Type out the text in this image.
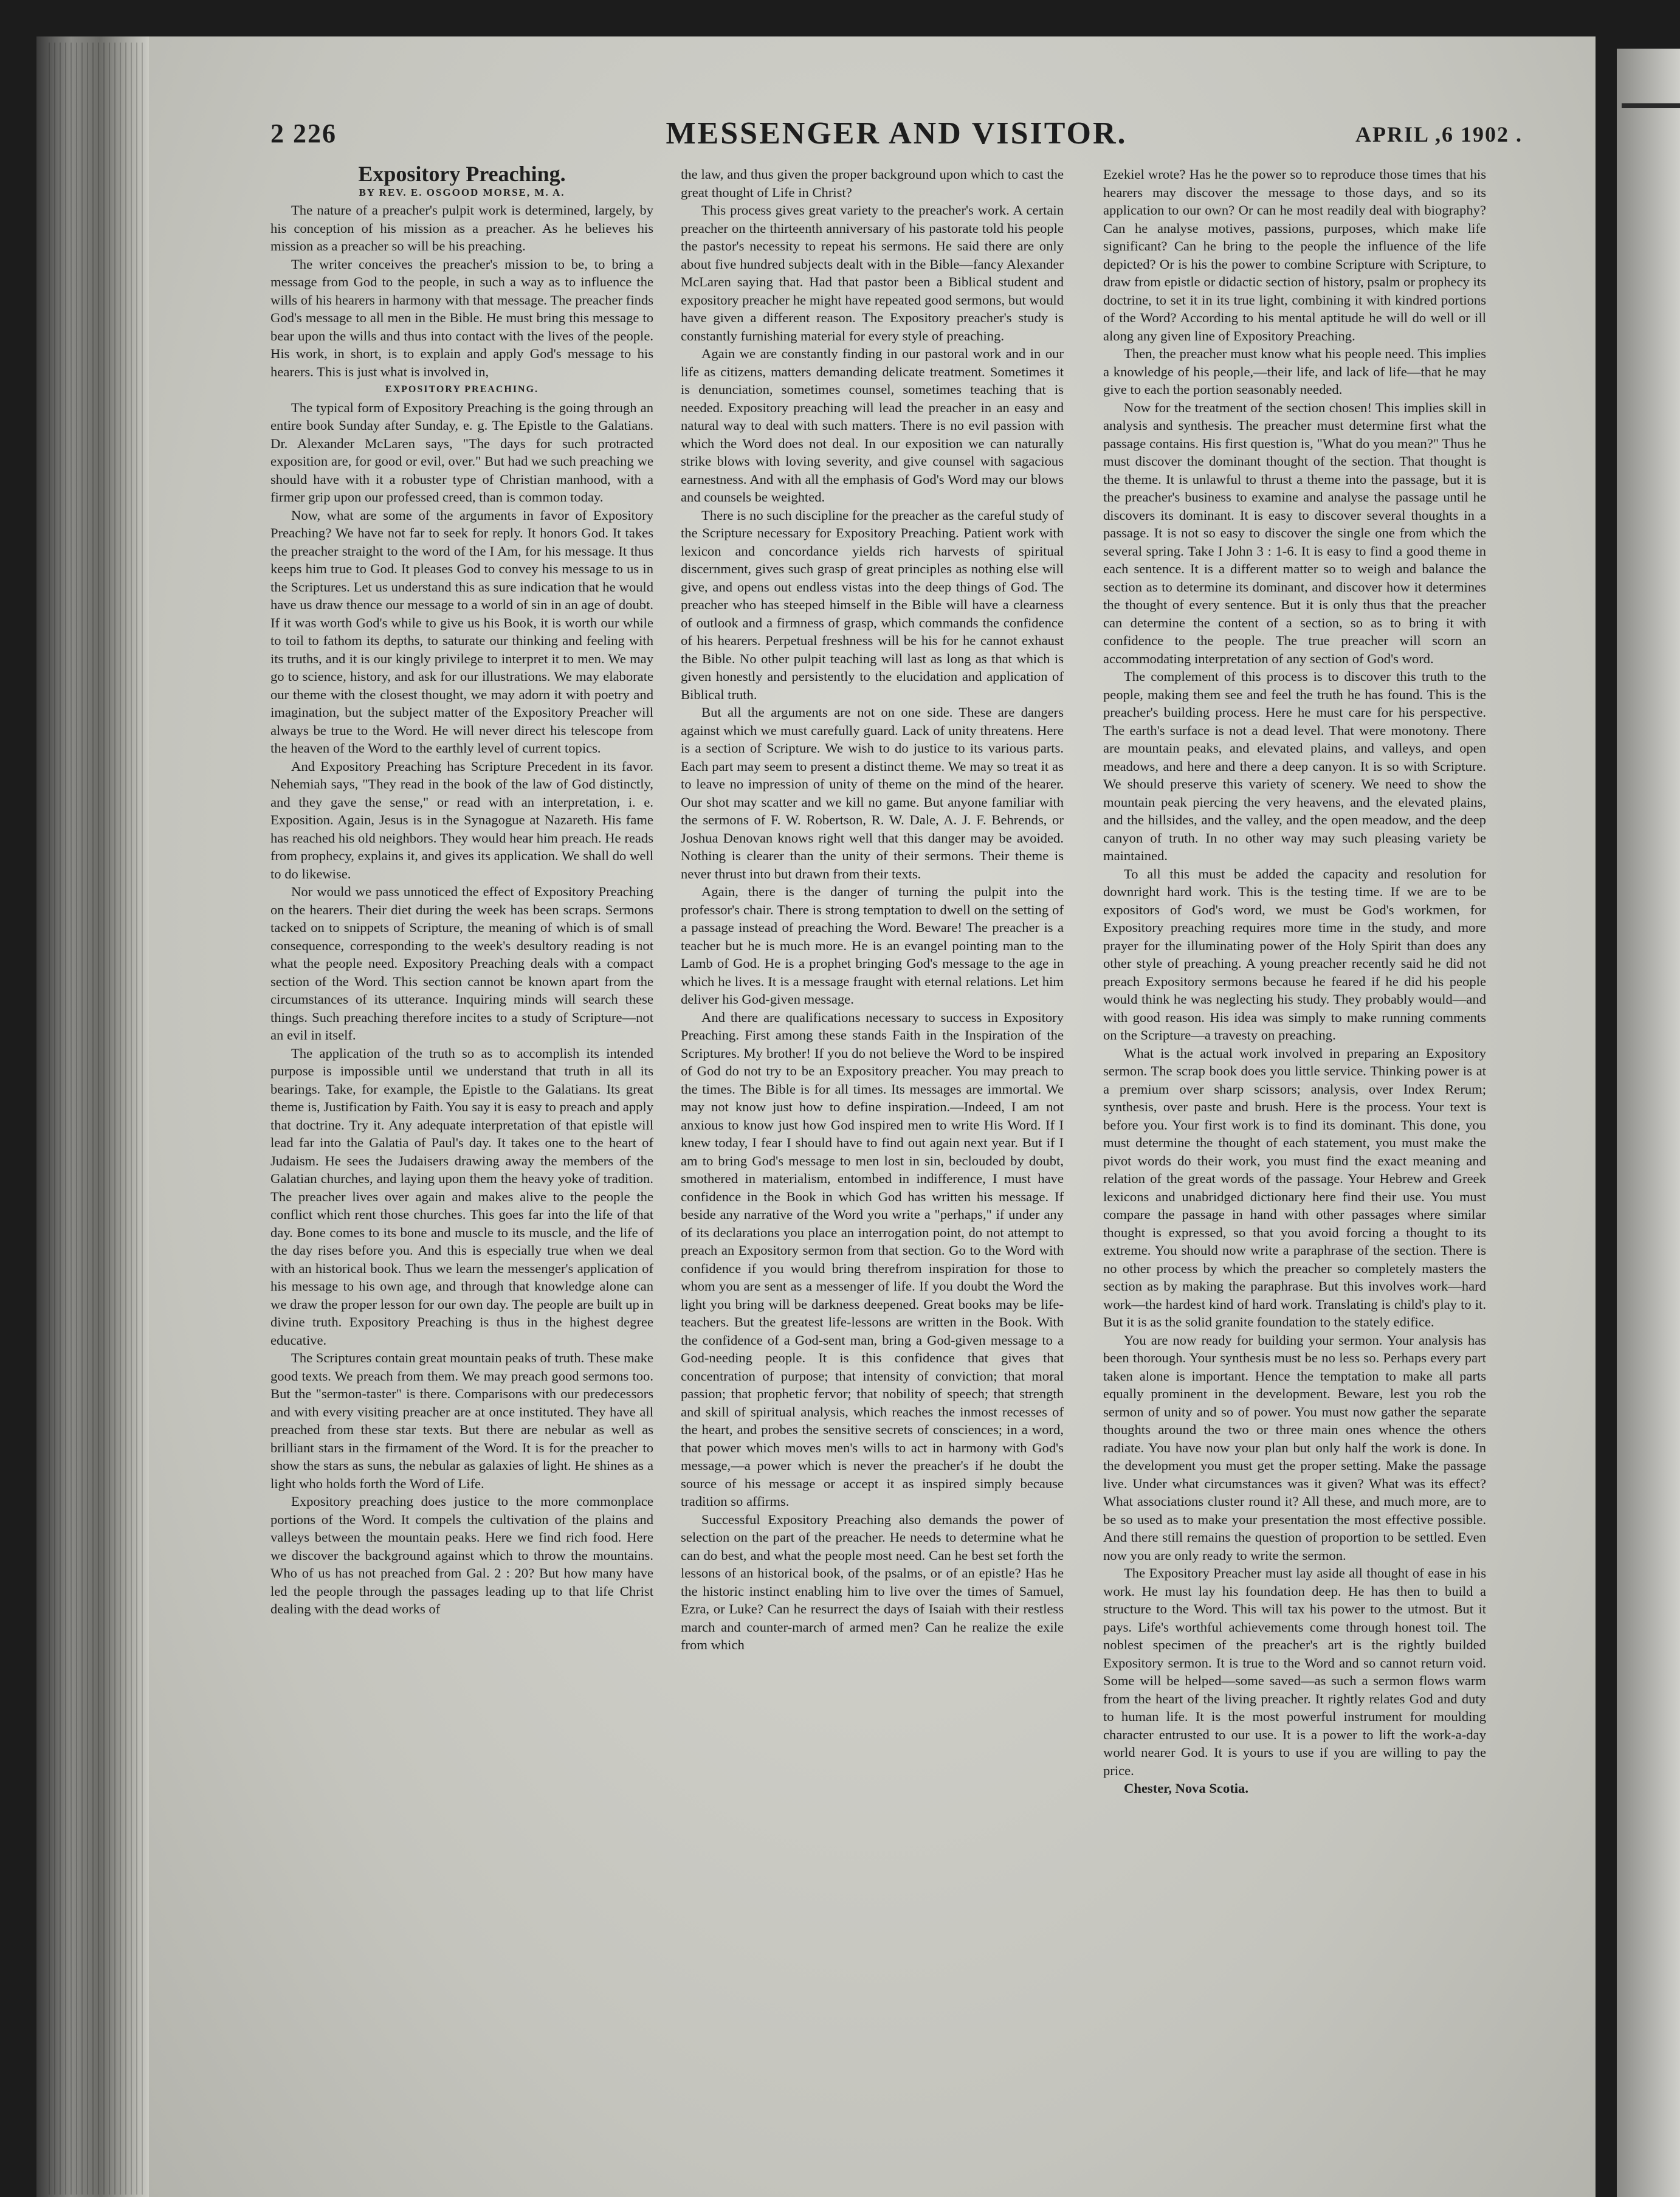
MESSENGER AND VISITOR.
2 226	APRIL ,6 1902 .

Expository Preaching.

BY REV. E. OSGOOD MORSE, M. A.

The nature of a preacher's pulpit work is determined, largely, by his conception of his mission as a preacher. As he believes his mission as a preacher so will be his preaching.

The writer conceives the preacher's mission to be, to bring a message from God to the people, in such a way as to influence the wills of his hearers in harmony with that message. The preacher finds God's message to all men in the Bible. He must bring this message to bear upon the wills and thus into contact with the lives of the people. His work, in short, is to explain and apply God's message to his hearers. This is just what is involved in,

EXPOSITORY PREACHING.

The typical form of Expository Preaching is the going through an entire book Sunday after Sunday, e. g. The Epistle to the Galatians. Dr. Alexander McLaren says, "The days for such protracted exposition are, for good or evil, over." But had we such preaching we should have with it a robuster type of Christian manhood, with a firmer grip upon our professed creed, than is common today.

Now, what are some of the arguments in favor of Expository Preaching? We have not far to seek for reply. It honors God. It takes the preacher straight to the word of the I Am, for his message. It thus keeps him true to God. It pleases God to convey his message to us in the Scriptures. Let us understand this as sure indication that he would have us draw thence our message to a world of sin in an age of doubt. If it was worth God's while to give us his Book, it is worth our while to toil to fathom its depths, to saturate our thinking and feeling with its truths, and it is our kingly privilege to interpret it to men. We may go to science, history, and ask for our illustrations. We may elaborate our theme with the closest thought, we may adorn it with poetry and imagination, but the subject matter of the Expository Preacher will always be true to the Word. He will never direct his telescope from the heaven of the Word to the earthly level of current topics.

And Expository Preaching has Scripture Precedent in its favor. Nehemiah says, "They read in the book of the law of God distinctly, and they gave the sense," or read with an interpretation, i. e. Exposition. Again, Jesus is in the Synagogue at Nazareth. His fame has reached his old neighbors. They would hear him preach. He reads from prophecy, explains it, and gives its application. We shall do well to do likewise.

Nor would we pass unnoticed the effect of Expository Preaching on the hearers. Their diet during the week has been scraps. Sermons tacked on to snippets of Scripture, the meaning of which is of small consequence, corresponding to the week's desultory reading is not what the people need. Expository Preaching deals with a compact section of the Word. This section cannot be known apart from the circumstances of its utterance. Inquiring minds will search these things. Such preaching therefore incites to a study of Scripture—not an evil in itself.

The application of the truth so as to accomplish its intended purpose is impossible until we understand that truth in all its bearings. Take, for example, the Epistle to the Galatians. Its great theme is, Justification by Faith. You say it is easy to preach and apply that doctrine. Try it. Any adequate interpretation of that epistle will lead far into the Galatia of Paul's day. It takes one to the heart of Judaism. He sees the Judaisers drawing away the members of the Galatian churches, and laying upon them the heavy yoke of tradition. The preacher lives over again and makes alive to the people the conflict which rent those churches. This goes far into the life of that day. Bone comes to its bone and muscle to its muscle, and the life of the day rises before you. And this is especially true when we deal with an historical book. Thus we learn the messenger's application of his message to his own age, and through that knowledge alone can we draw the proper lesson for our own day. The people are built up in divine truth. Expository Preaching is thus in the highest degree educative.

The Scriptures contain great mountain peaks of truth. These make good texts. We preach from them. We may preach good sermons too. But the "sermon-taster" is there. Comparisons with our predecessors and with every visiting preacher are at once instituted. They have all preached from these star texts. But there are nebular as well as brilliant stars in the firmament of the Word. It is for the preacher to show the stars as suns, the nebular as galaxies of light. He shines as a light who holds forth the Word of Life.

Expository preaching does justice to the more commonplace portions of the Word. It compels the cultivation of the plains and valleys between the mountain peaks. Here we find rich food. Here we discover the background against which to throw the mountains. Who of us has not preached from Gal. 2 : 20? But how many have led the people through the passages leading up to that life Christ dealing with the dead works of

the law, and thus given the proper background upon which to cast the great thought of Life in Christ?

This process gives great variety to the preacher's work. A certain preacher on the thirteenth anniversary of his pastorate told his people the pastor's necessity to repeat his sermons. He said there are only about five hundred subjects dealt with in the Bible—fancy Alexander McLaren saying that. Had that pastor been a Biblical student and expository preacher he might have repeated good sermons, but would have given a different reason. The Expository preacher's study is constantly furnishing material for every style of preaching.

Again we are constantly finding in our pastoral work and in our life as citizens, matters demanding delicate treatment. Sometimes it is denunciation, sometimes counsel, sometimes teaching that is needed. Expository preaching will lead the preacher in an easy and natural way to deal with such matters. There is no evil passion with which the Word does not deal. In our exposition we can naturally strike blows with loving severity, and give counsel with sagacious earnestness. And with all the emphasis of God's Word may our blows and counsels be weighted.

There is no such discipline for the preacher as the careful study of the Scripture necessary for Expository Preaching. Patient work with lexicon and concordance yields rich harvests of spiritual discernment, gives such grasp of great principles as nothing else will give, and opens out endless vistas into the deep things of God. The preacher who has steeped himself in the Bible will have a clearness of outlook and a firmness of grasp, which commands the confidence of his hearers. Perpetual freshness will be his for he cannot exhaust the Bible. No other pulpit teaching will last as long as that which is given honestly and persistently to the elucidation and application of Biblical truth.

But all the arguments are not on one side. These are dangers against which we must carefully guard. Lack of unity threatens. Here is a section of Scripture. We wish to do justice to its various parts. Each part may seem to present a distinct theme. We may so treat it as to leave no impression of unity of theme on the mind of the hearer. Our shot may scatter and we kill no game. But anyone familiar with the sermons of F. W. Robertson, R. W. Dale, A. J. F. Behrends, or Joshua Denovan knows right well that this danger may be avoided. Nothing is clearer than the unity of their sermons. Their theme is never thrust into but drawn from their texts.

Again, there is the danger of turning the pulpit into the professor's chair. There is strong temptation to dwell on the setting of a passage instead of preaching the Word. Beware! The preacher is a teacher but he is much more. He is an evangel pointing man to the Lamb of God. He is a prophet bringing God's message to the age in which he lives. It is a message fraught with eternal relations. Let him deliver his God-given message.

And there are qualifications necessary to success in Expository Preaching. First among these stands Faith in the Inspiration of the Scriptures. My brother! If you do not believe the Word to be inspired of God do not try to be an Expository preacher. You may preach to the times. The Bible is for all times. Its messages are immortal. We may not know just how to define inspiration.—Indeed, I am not anxious to know just how God inspired men to write His Word. If I knew today, I fear I should have to find out again next year. But if I am to bring God's message to men lost in sin, beclouded by doubt, smothered in materialism, entombed in indifference, I must have confidence in the Book in which God has written his message. If beside any narrative of the Word you write a "perhaps," if under any of its declarations you place an interrogation point, do not attempt to preach an Expository sermon from that section. Go to the Word with confidence if you would bring therefrom inspiration for those to whom you are sent as a messenger of life. If you doubt the Word the light you bring will be darkness deepened. Great books may be life-teachers. But the greatest life-lessons are written in the Book. With the confidence of a God-sent man, bring a God-given message to a God-needing people. It is this confidence that gives that concentration of purpose; that intensity of conviction; that moral passion; that prophetic fervor; that nobility of speech; that strength and skill of spiritual analysis, which reaches the inmost recesses of the heart, and probes the sensitive secrets of consciences; in a word, that power which moves men's wills to act in harmony with God's message,—a power which is never the preacher's if he doubt the source of his message or accept it as inspired simply because tradition so affirms.

Successful Expository Preaching also demands the power of selection on the part of the preacher. He needs to determine what he can do best, and what the people most need. Can he best set forth the lessons of an historical book, of the psalms, or of an epistle? Has he the historic instinct enabling him to live over the times of Samuel, Ezra, or Luke? Can he resurrect the days of Isaiah with their restless march and counter-march of armed men? Can he realize the exile from which

Ezekiel wrote? Has he the power so to reproduce those times that his hearers may discover the message to those days, and so its application to our own? Or can he most readily deal with biography? Can he analyse motives, passions, purposes, which make life significant? Can he bring to the people the influence of the life depicted? Or is his the power to combine Scripture with Scripture, to draw from epistle or didactic section of history, psalm or prophecy its doctrine, to set it in its true light, combining it with kindred portions of the Word? According to his mental aptitude he will do well or ill along any given line of Expository Preaching.

Then, the preacher must know what his people need. This implies a knowledge of his people,—their life, and lack of life—that he may give to each the portion seasonably needed.

Now for the treatment of the section chosen! This implies skill in analysis and synthesis. The preacher must determine first what the passage contains. His first question is, "What do you mean?" Thus he must discover the dominant thought of the section. That thought is the theme. It is unlawful to thrust a theme into the passage, but it is the preacher's business to examine and analyse the passage until he discovers its dominant. It is easy to discover several thoughts in a passage. It is not so easy to discover the single one from which the several spring. Take I John 3 : 1-6. It is easy to find a good theme in each sentence. It is a different matter so to weigh and balance the section as to determine its dominant, and discover how it determines the thought of every sentence. But it is only thus that the preacher can determine the content of a section, so as to bring it with confidence to the people. The true preacher will scorn an accommodating interpretation of any section of God's word.

The complement of this process is to discover this truth to the people, making them see and feel the truth he has found. This is the preacher's building process. Here he must care for his perspective. The earth's surface is not a dead level. That were monotony. There are mountain peaks, and elevated plains, and valleys, and open meadows, and here and there a deep canyon. It is so with Scripture. We should preserve this variety of scenery. We need to show the mountain peak piercing the very heavens, and the elevated plains, and the hillsides, and the valley, and the open meadow, and the deep canyon of truth. In no other way may such pleasing variety be maintained.

To all this must be added the capacity and resolution for downright hard work. This is the testing time. If we are to be expositors of God's word, we must be God's workmen, for Expository preaching requires more time in the study, and more prayer for the illuminating power of the Holy Spirit than does any other style of preaching. A young preacher recently said he did not preach Expository sermons because he feared if he did his people would think he was neglecting his study. They probably would—and with good reason. His idea was simply to make running comments on the Scripture—a travesty on preaching.

What is the actual work involved in preparing an Expository sermon. The scrap book does you little service. Thinking power is at a premium over sharp scissors; analysis, over Index Rerum; synthesis, over paste and brush. Here is the process. Your text is before you. Your first work is to find its dominant. This done, you must determine the thought of each statement, you must make the pivot words do their work, you must find the exact meaning and relation of the great words of the passage. Your Hebrew and Greek lexicons and unabridged dictionary here find their use. You must compare the passage in hand with other passages where similar thought is expressed, so that you avoid forcing a thought to its extreme. You should now write a paraphrase of the section. There is no other process by which the preacher so completely masters the section as by making the paraphrase. But this involves work—hard work—the hardest kind of hard work. Translating is child's play to it. But it is as the solid granite foundation to the stately edifice.

You are now ready for building your sermon. Your analysis has been thorough. Your synthesis must be no less so. Perhaps every part taken alone is important. Hence the temptation to make all parts equally prominent in the development. Beware, lest you rob the sermon of unity and so of power. You must now gather the separate thoughts around the two or three main ones whence the others radiate. You have now your plan but only half the work is done. In the development you must get the proper setting. Make the passage live. Under what circumstances was it given? What was its effect? What associations cluster round it? All these, and much more, are to be so used as to make your presentation the most effective possible. And there still remains the question of proportion to be settled. Even now you are only ready to write the sermon.

The Expository Preacher must lay aside all thought of ease in his work. He must lay his foundation deep. He has then to build a structure to the Word. This will tax his power to the utmost. But it pays. Life's worthful achievements come through honest toil. The noblest specimen of the preacher's art is the rightly builded Expository sermon. It is true to the Word and so cannot return void. Some will be helped—some saved—as such a sermon flows warm from the heart of the living preacher. It rightly relates God and duty to human life. It is the most powerful instrument for moulding character entrusted to our use. It is a power to lift the work-a-day world nearer God. It is yours to use if you are willing to pay the price.

Chester, Nova Scotia.
